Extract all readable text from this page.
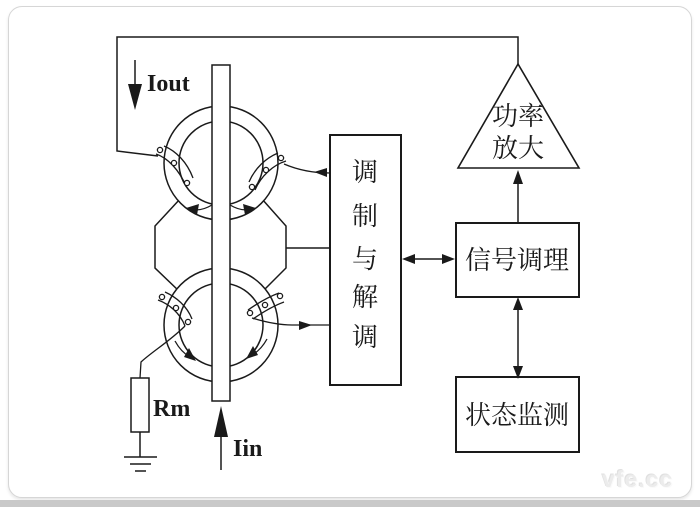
Iout
Iin
Rm
调
制
与
解
调
功率
放大
信号调理
状态监测
vfe.cc
